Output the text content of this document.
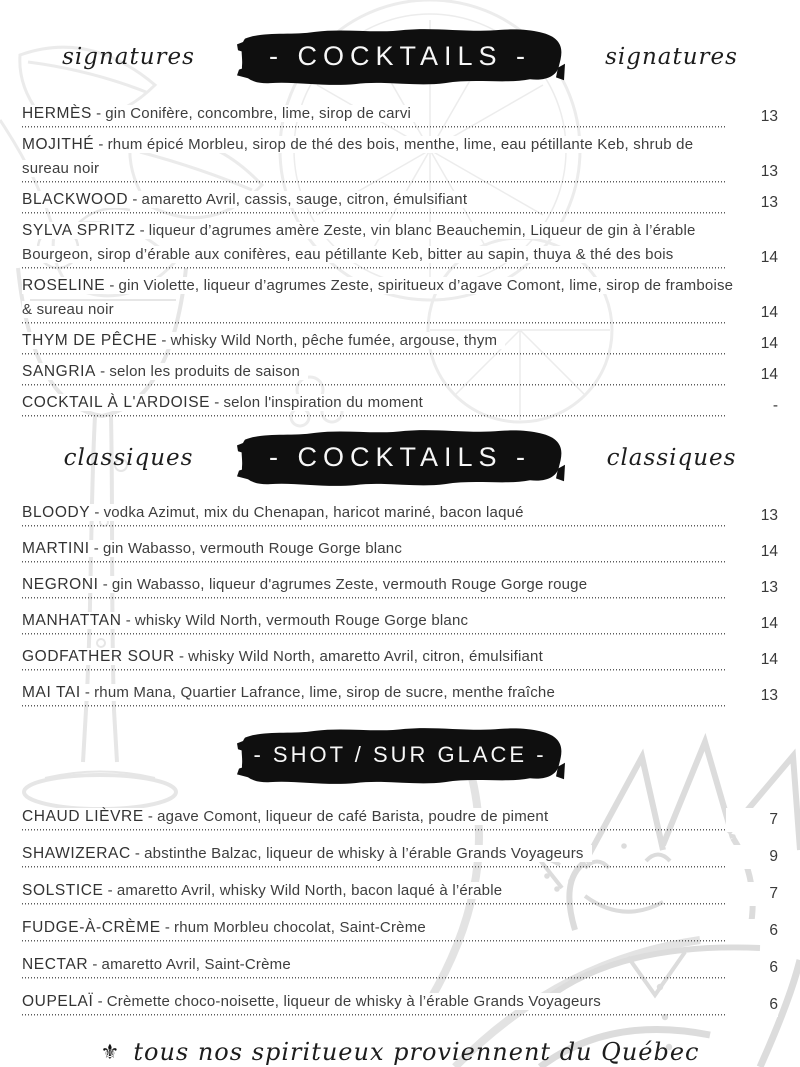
signatures	- COCKTAILS -	signatures
HERMÈS - gin Conifère, concombre, lime, sirop de carvi	13
MOJITHÉ - rhum épicé Morbleu, sirop de thé des bois, menthe, lime, eau pétillante Keb, shrub de sureau noir	13
BLACKWOOD - amaretto Avril, cassis, sauge, citron, émulsifiant	13
SYLVA SPRITZ - liqueur d’agrumes amère Zeste, vin blanc Beauchemin, Liqueur de gin à l’érable Bourgeon, sirop d’érable aux conifères, eau pétillante Keb, bitter au sapin, thuya & thé des bois	14
ROSELINE - gin Violette, liqueur d’agrumes Zeste, spiritueux d’agave Comont, lime, sirop de framboise & sureau noir	14
THYM DE PÊCHE - whisky Wild North, pêche fumée, argouse, thym	14
SANGRIA - selon les produits de saison	14
COCKTAIL À L'ARDOISE - selon l'inspiration du moment	-
classiques	- COCKTAILS -	classiques
BLOODY - vodka Azimut, mix du Chenapan, haricot mariné, bacon laqué	13
MARTINI - gin Wabasso, vermouth Rouge Gorge blanc	14
NEGRONI - gin Wabasso, liqueur d'agrumes Zeste, vermouth Rouge Gorge rouge	13
MANHATTAN - whisky Wild North, vermouth Rouge Gorge blanc	14
GODFATHER SOUR - whisky Wild North, amaretto Avril, citron, émulsifiant	14
MAI TAI - rhum Mana, Quartier Lafrance, lime, sirop de sucre, menthe fraîche	13
- SHOT / SUR GLACE -
CHAUD LIÈVRE - agave Comont, liqueur de café Barista, poudre de piment	7
SHAWIZERAC - abstinthe Balzac, liqueur de whisky à l’érable Grands Voyageurs	9
SOLSTICE - amaretto Avril, whisky Wild North, bacon laqué à l’érable	7
FUDGE-À-CRÈME - rhum Morbleu chocolat, Saint-Crème	6
NECTAR - amaretto Avril, Saint-Crème	6
OUPELAÏ - Crèmette choco-noisette, liqueur de whisky à l’érable Grands Voyageurs	6
⚜ tous nos spiritueux proviennent du Québec
